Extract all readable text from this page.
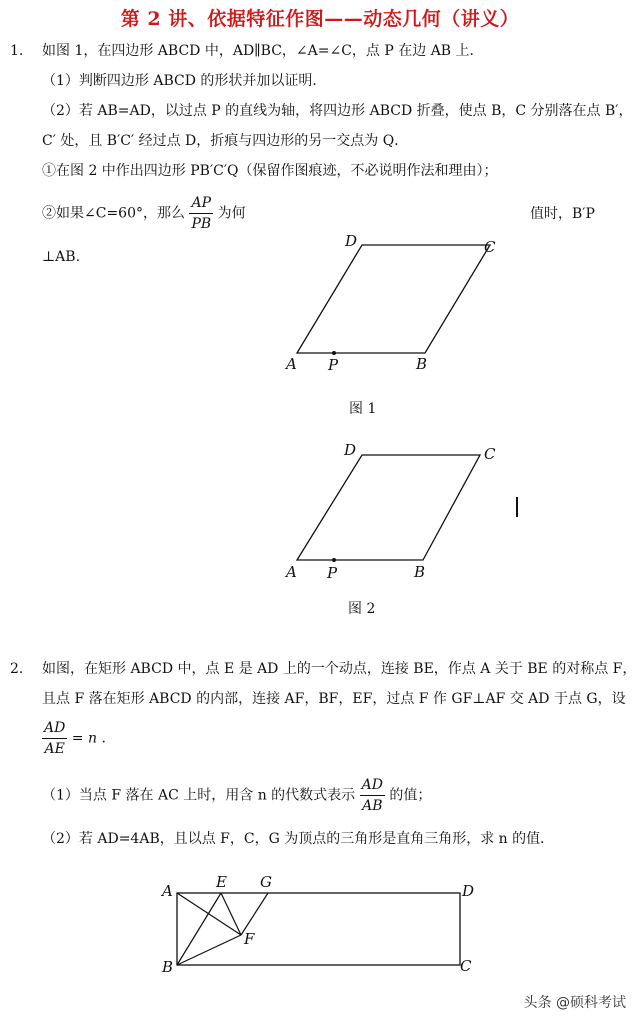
第 2 讲、依据特征作图——动态几何（讲义）
1. 如图 1，在四边形 ABCD 中，AD∥BC，∠A=∠C，点 P 在边 AB 上．
（1）判断四边形 ABCD 的形状并加以证明．
（2）若 AB=AD，以过点 P 的直线为轴，将四边形 ABCD 折叠，使点 B，C 分别落在点 B′，
C′ 处，且 B′C′ 经过点 D，折痕与四边形的另一交点为 Q．
①在图 2 中作出四边形 PB′C′Q（保留作图痕迹，不必说明作法和理由）；
②如果∠C=60°，那么 $\frac{AP}{PB}$ 为何	值时，B′P
⊥AB.
A P	B
C
D
图 1
A P	B
C
D
图 2
2. 如图，在矩形 ABCD 中，点 E 是 AD 上的一个动点，连接 BE，作点 A 关于 BE 的对称点 F，
且点 F 落在矩形 ABCD 的内部，连接 AF，BF，EF，过点 F 作 GF⊥AF 交 AD 于点 G，设
$\frac{AD}{AE} = n$ .
（1）当点 F 落在 AC 上时，用含 n 的代数式表示 $\frac{AD}{AB}$ 的值；
（2）若 AD=4AB，且以点 F，C，G 为顶点的三角形是直角三角形，求 n 的值．
A	E G	D
F
B	C
头条 @硕科考试
